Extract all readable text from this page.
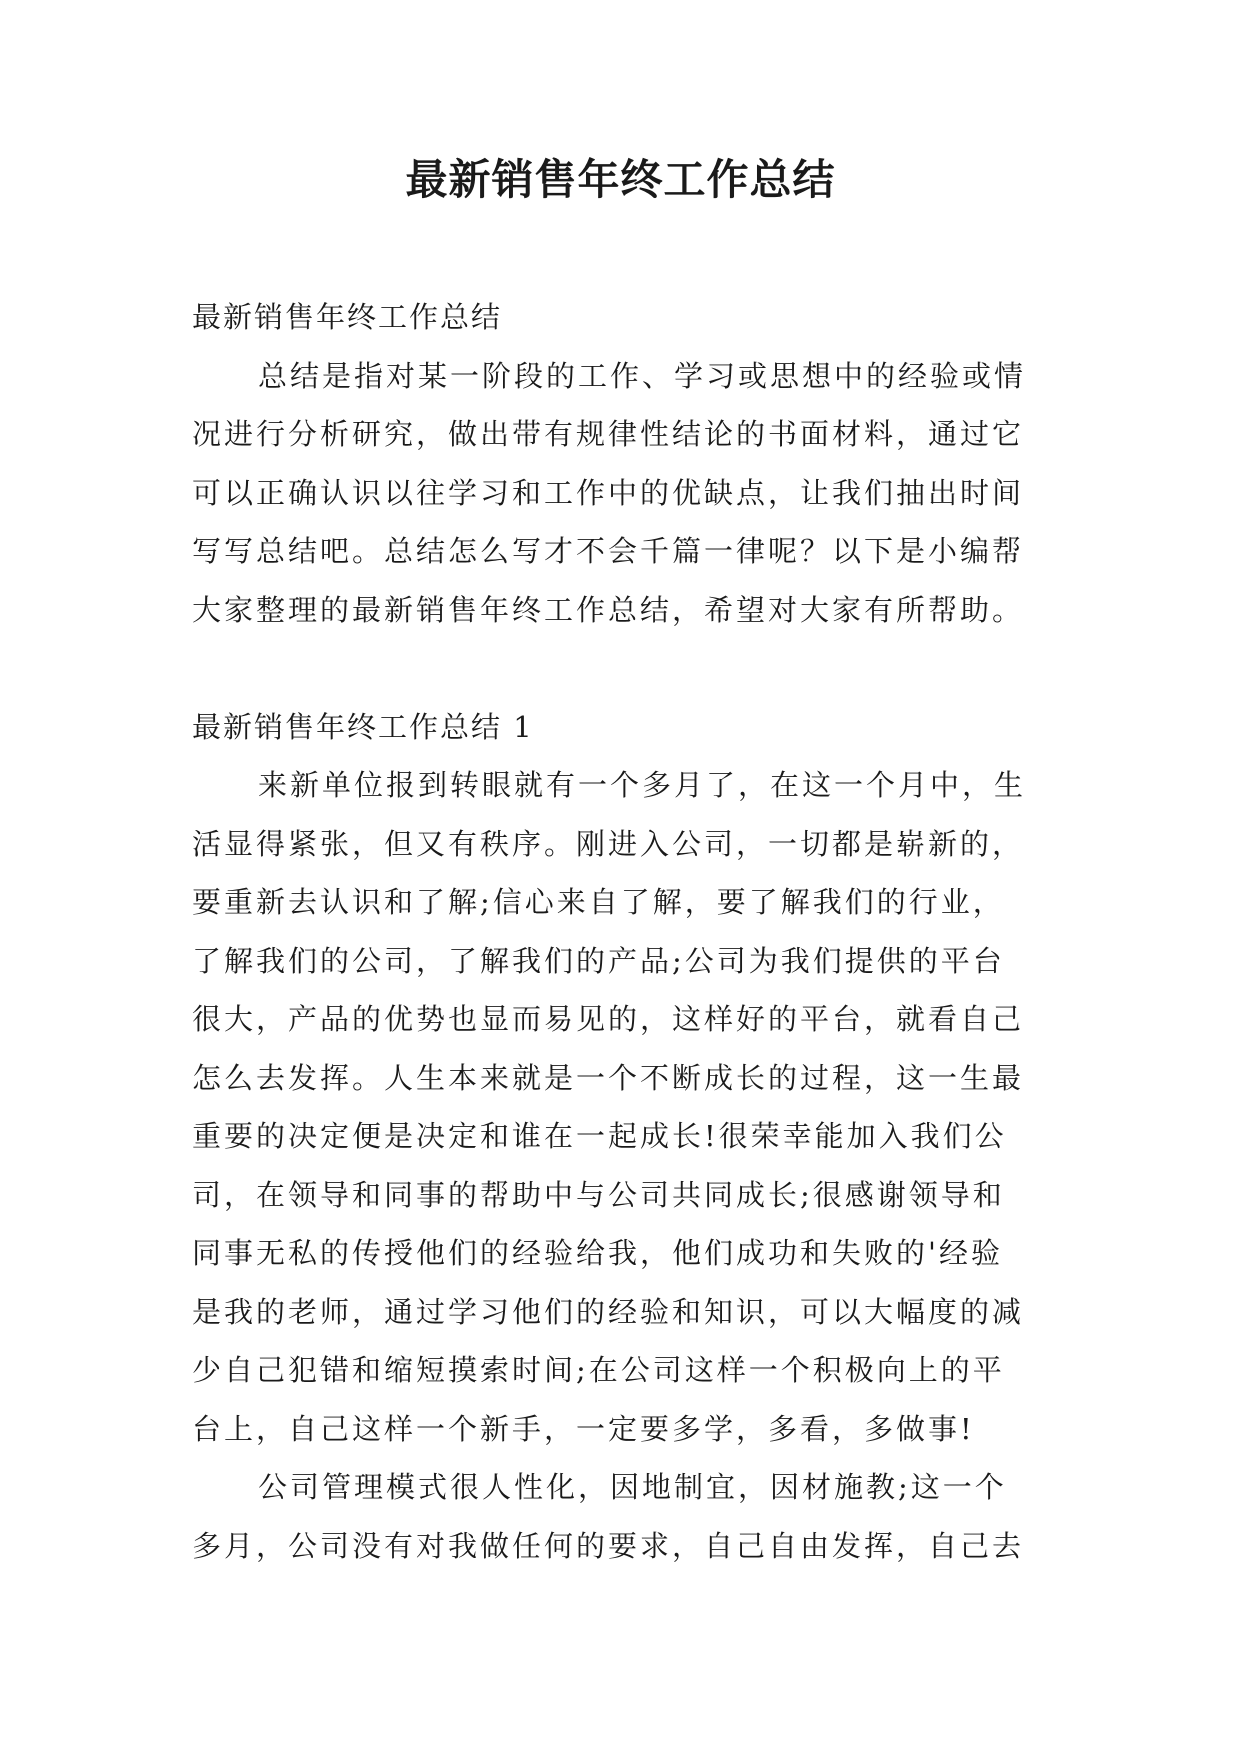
最新销售年终工作总结
最新销售年终工作总结
总结是指对某一阶段的工作、学习或思想中的经验或情
况进行分析研究，做出带有规律性结论的书面材料，通过它
可以正确认识以往学习和工作中的优缺点，让我们抽出时间
写写总结吧。总结怎么写才不会千篇一律呢？以下是小编帮
大家整理的最新销售年终工作总结，希望对大家有所帮助。
最新销售年终工作总结 1
来新单位报到转眼就有一个多月了，在这一个月中，生
活显得紧张，但又有秩序。刚进入公司，一切都是崭新的，
要重新去认识和了解;信心来自了解，要了解我们的行业，
了解我们的公司，了解我们的产品;公司为我们提供的平台
很大，产品的优势也显而易见的，这样好的平台，就看自己
怎么去发挥。人生本来就是一个不断成长的过程，这一生最
重要的决定便是决定和谁在一起成长!很荣幸能加入我们公
司，在领导和同事的帮助中与公司共同成长;很感谢领导和
同事无私的传授他们的经验给我，他们成功和失败的'经验
是我的老师，通过学习他们的经验和知识，可以大幅度的减
少自己犯错和缩短摸索时间;在公司这样一个积极向上的平
台上，自己这样一个新手，一定要多学，多看，多做事!
公司管理模式很人性化，因地制宜，因材施教;这一个
多月，公司没有对我做任何的要求，自己自由发挥，自己去
